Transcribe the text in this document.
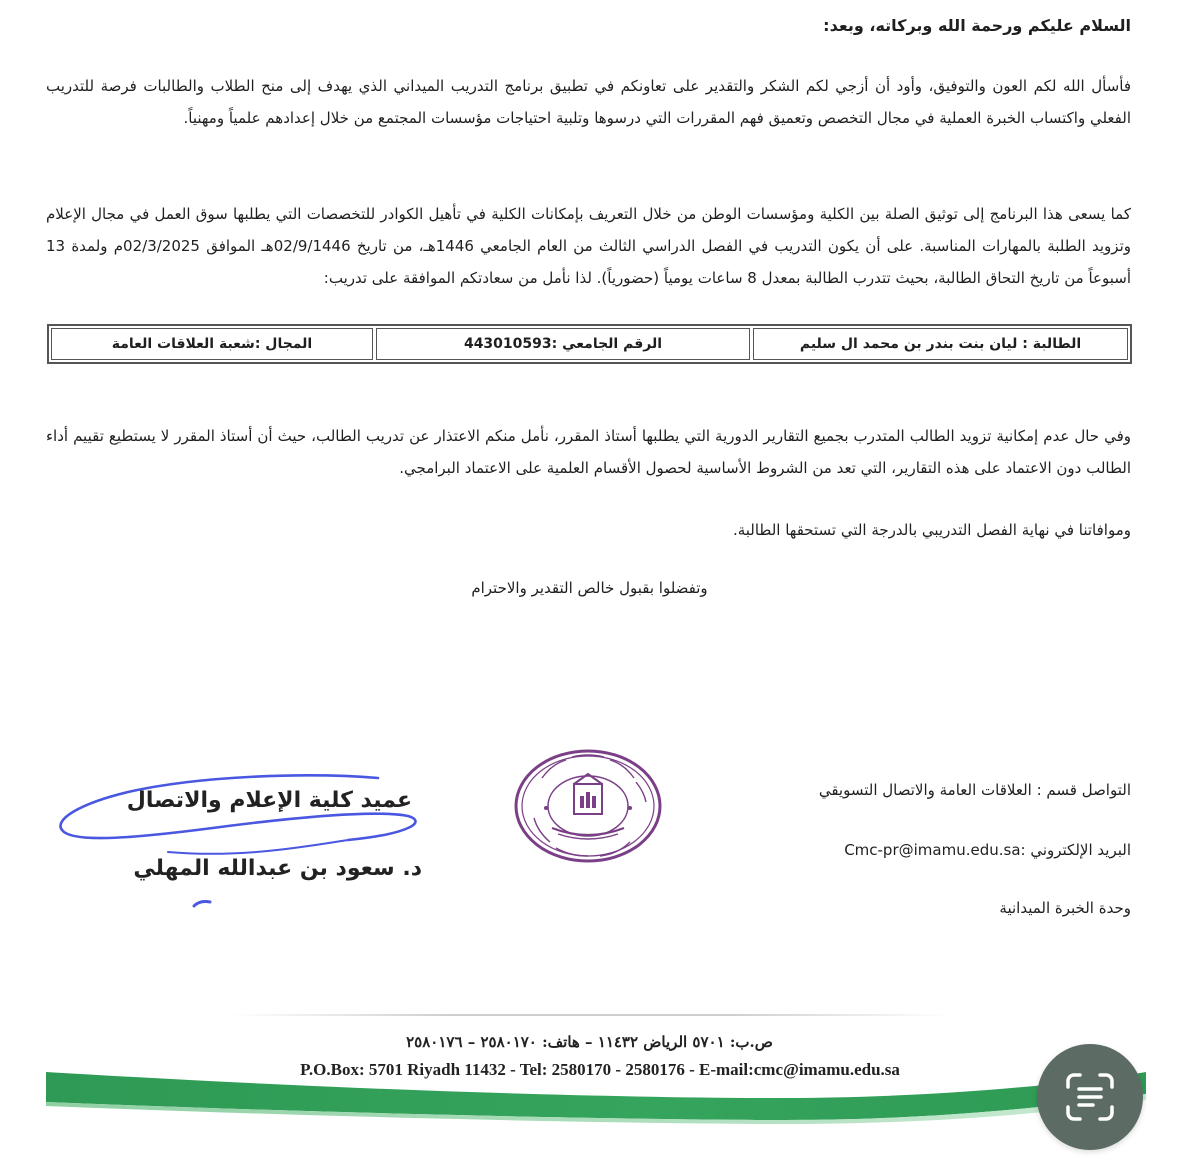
السلام عليكم ورحمة الله وبركاته، وبعد:
فأسأل الله لكم العون والتوفيق، وأود أن أزجي لكم الشكر والتقدير على تعاونكم في تطبيق برنامج التدريب الميداني الذي يهدف إلى منح الطلاب والطالبات فرصة للتدريب الفعلي واكتساب الخبرة العملية في مجال التخصص وتعميق فهم المقررات التي درسوها وتلبية احتياجات مؤسسات المجتمع من خلال إعدادهم علمياً ومهنياً.
كما يسعى هذا البرنامج إلى توثيق الصلة بين الكلية ومؤسسات الوطن من خلال التعريف بإمكانات الكلية في تأهيل الكوادر للتخصصات التي يطلبها سوق العمل في مجال الإعلام وتزويد الطلبة بالمهارات المناسبة. على أن يكون التدريب في الفصل الدراسي الثالث من العام الجامعي 1446هـ، من تاريخ 02/9/1446هـ الموافق 02/3/2025م ولمدة 13 أسبوعاً من تاريخ التحاق الطالبة، بحيث تتدرب الطالبة بمعدل 8 ساعات يومياً (حضورياً). لذا نأمل من سعادتكم الموافقة على تدريب:
الطالبة : ليان بنت بندر بن محمد ال سليم
الرقم الجامعي :443010593
المجال :شعبة العلاقات العامة
وفي حال عدم إمكانية تزويد الطالب المتدرب بجميع التقارير الدورية التي يطلبها أستاذ المقرر، نأمل منكم الاعتذار عن تدريب الطالب، حيث أن أستاذ المقرر لا يستطيع تقييم أداء الطالب دون الاعتماد على هذه التقارير، التي تعد من الشروط الأساسية لحصول الأقسام العلمية على الاعتماد البرامجي.
وموافاتنا في نهاية الفصل التدريبي بالدرجة التي تستحقها الطالبة.
وتفضلوا بقبول خالص التقدير والاحترام
التواصل قسم : العلاقات العامة والاتصال التسويقي
البريد الإلكتروني :Cmc-pr@imamu.edu.sa
وحدة الخبرة الميدانية
عميد كلية الإعلام والاتصال
د. سعود بن عبدالله المهلي
ص.ب: ٥٧٠١ الرياض ١١٤٣٢ – هاتف: ٢٥٨٠١٧٠ – ٢٥٨٠١٧٦
P.O.Box: 5701 Riyadh 11432 - Tel: 2580170 - 2580176 - E-mail:cmc@imamu.edu.sa
